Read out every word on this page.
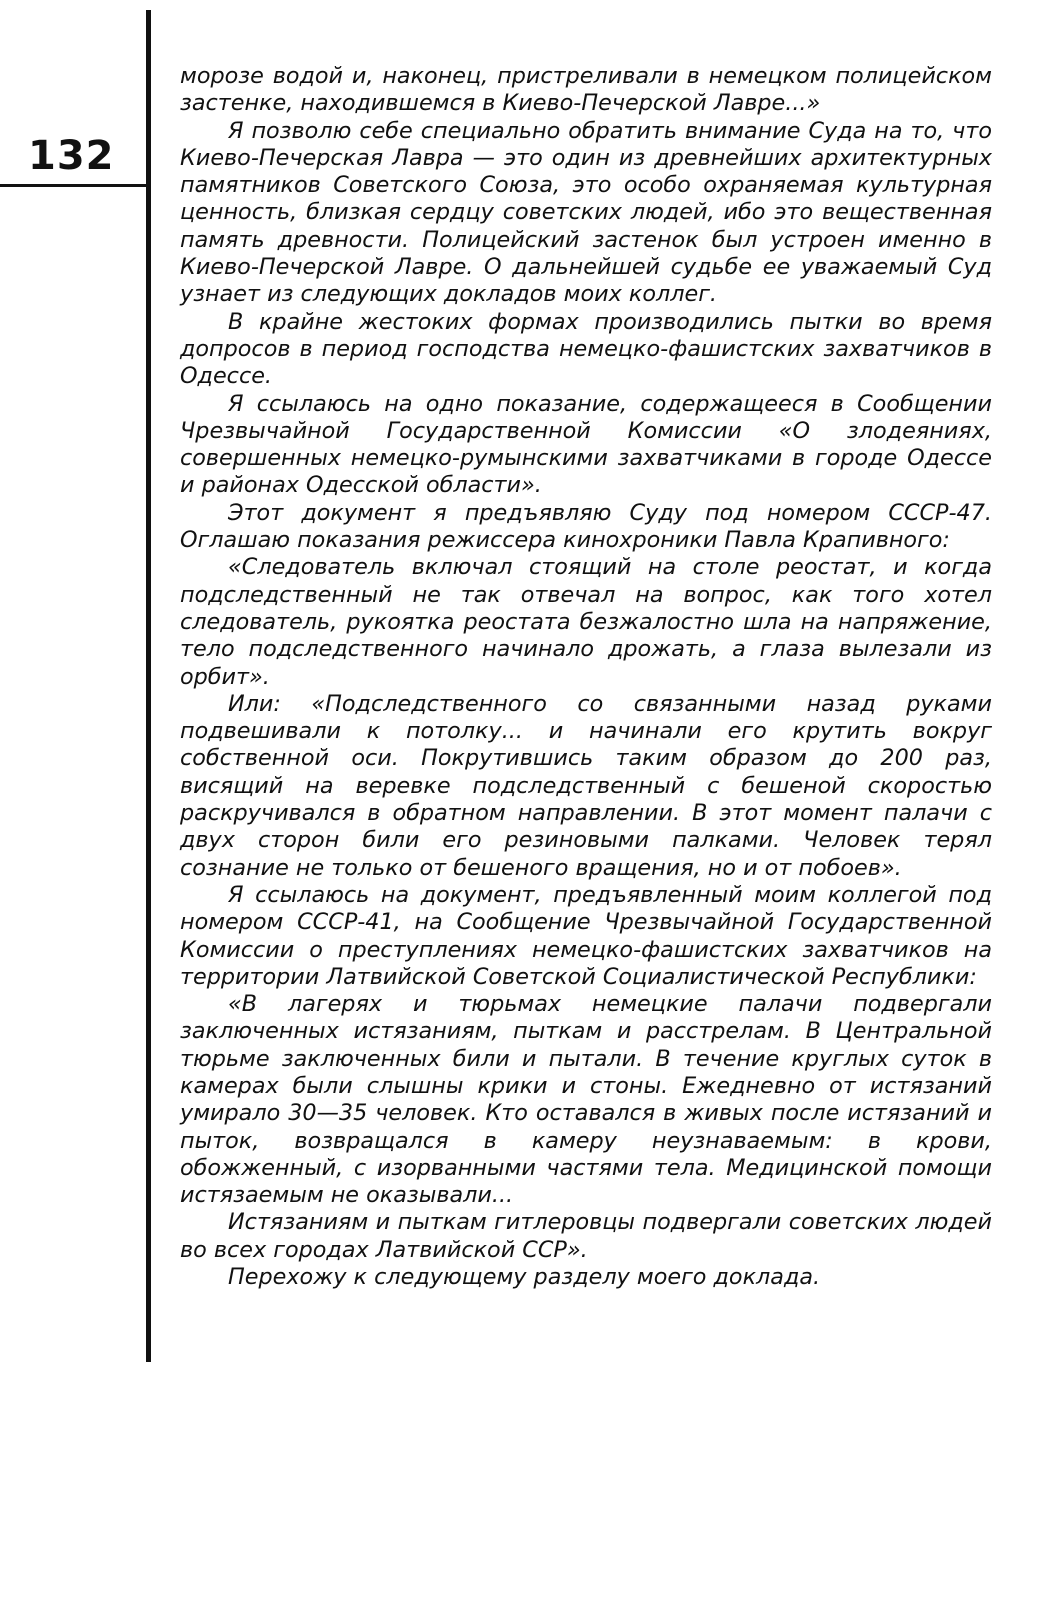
132

морозе водой и, наконец, пристреливали в немецком полицейском застенке, находившемся в Киево-Печерской Лавре...»

Я позволю себе специально обратить внимание Суда на то, что Киево-Печерская Лавра — это один из древнейших архитектурных памятников Советского Союза, это особо охраняемая культурная ценность, близкая сердцу советских людей, ибо это вещественная память древности. Полицейский застенок был устроен именно в Киево-Печерской Лавре. О дальнейшей судьбе ее уважаемый Суд узнает из следующих докладов моих коллег.

В крайне жестоких формах производились пытки во время допросов в период господства немецко-фашистских захватчиков в Одессе.

Я ссылаюсь на одно показание, содержащееся в Сообщении Чрезвычайной Государственной Комиссии «О злодеяниях, совершенных немецко-румынскими захватчиками в городе Одессе и районах Одесской области».

Этот документ я предъявляю Суду под номером СССР-47. Оглашаю показания режиссера кинохроники Павла Крапивного:

«Следователь включал стоящий на столе реостат, и когда подследственный не так отвечал на вопрос, как того хотел следователь, рукоятка реостата безжалостно шла на напряжение, тело подследственного начинало дрожать, а глаза вылезали из орбит».

Или: «Подследственного со связанными назад руками подвешивали к потолку... и начинали его крутить вокруг собственной оси. Покрутившись таким образом до 200 раз, висящий на веревке подследственный с бешеной скоростью раскручивался в обратном направлении. В этот момент палачи с двух сторон били его резиновыми палками. Человек терял сознание не только от бешеного вращения, но и от побоев».

Я ссылаюсь на документ, предъявленный моим коллегой под номером СССР-41, на Сообщение Чрезвычайной Государственной Комиссии о преступлениях немецко-фашистских захватчиков на территории Латвийской Советской Социалистической Республики:

«В лагерях и тюрьмах немецкие палачи подвергали заключенных истязаниям, пыткам и расстрелам. В Центральной тюрьме заключенных били и пытали. В течение круглых суток в камерах были слышны крики и стоны. Ежедневно от истязаний умирало 30—35 человек. Кто оставался в живых после истязаний и пыток, возвращался в камеру неузнаваемым: в крови, обожженный, с изорванными частями тела. Медицинской помощи истязаемым не оказывали...

Истязаниям и пыткам гитлеровцы подвергали советских людей во всех городах Латвийской ССР».

Перехожу к следующему разделу моего доклада.
